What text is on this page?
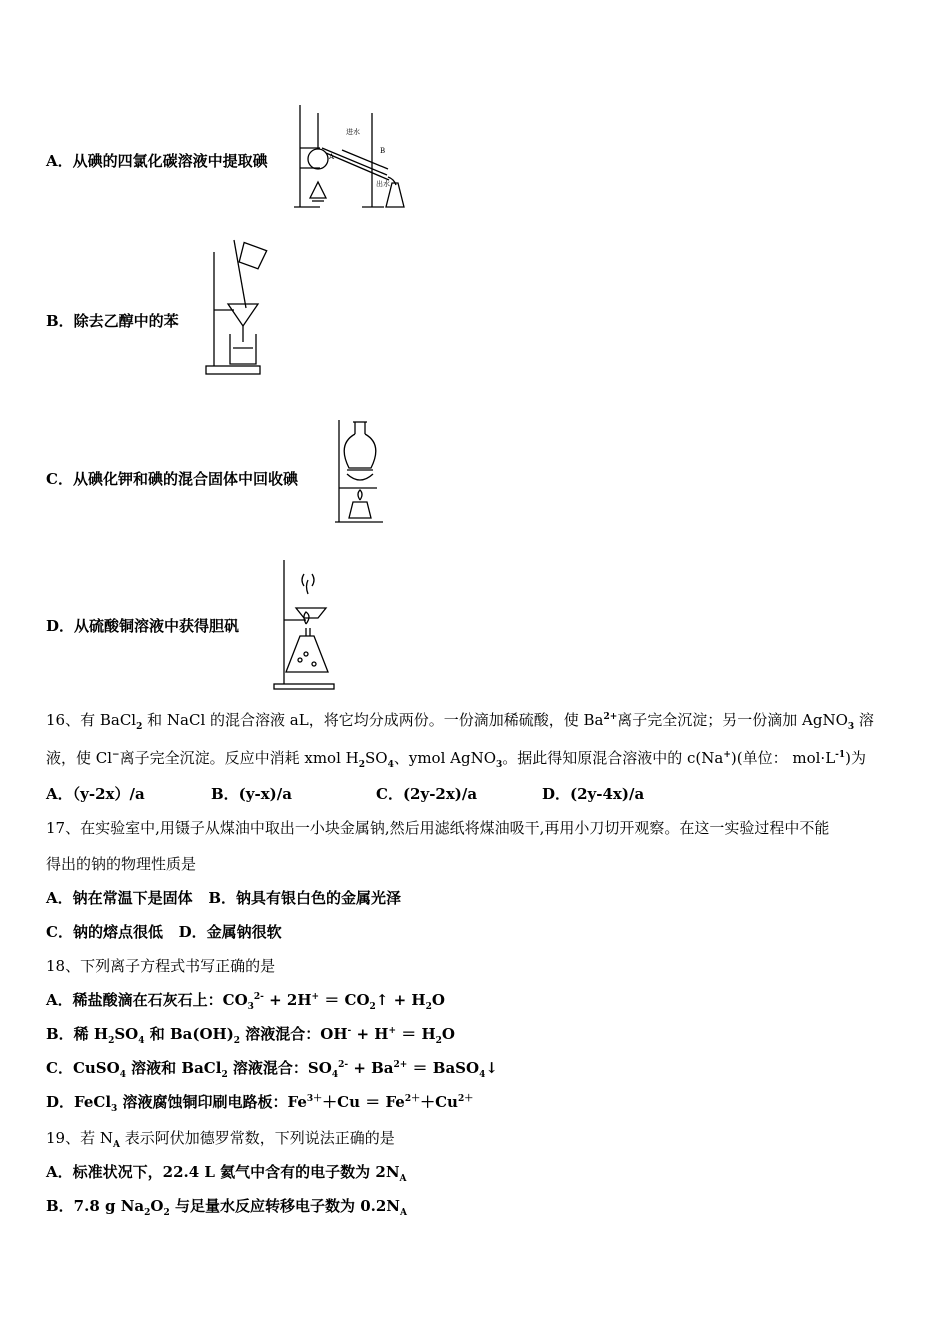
A．从碘的四氯化碳溶液中提取碘
进水
出水
A
B
B．除去乙醇中的苯
C．从碘化钾和碘的混合固体中回收碘
D．从硫酸铜溶液中获得胆矾
16、有 BaCl$_2$ 和 NaCl 的混合溶液 aL，将它均分成两份。一份滴加稀硫酸，使 $Ba^{2+}$离子完全沉淀；另一份滴加 AgNO$_3$ 溶
液，使 Cl−离子完全沉淀。反应中消耗 xmol $H_2SO_4$、ymol AgNO$_3$。据此得知原混合溶液中的 c(Na+)(单位： $mol\cdot L^{-1}$)为
A．（y-2x）/a	B．(y-x)/a	C．(2y-2x)/a	D．(2y-4x)/a
17、在实验室中,用镊子从煤油中取出一小块金属钠,然后用滤纸将煤油吸干,再用小刀切开观察。在这一实验过程中不能
得出的钠的物理性质是
A．钠在常温下是固体 B．钠具有银白色的金属光泽
C．钠的熔点很低 D．金属钠很软
18、下列离子方程式书写正确的是
A．稀盐酸滴在石灰石上：$CO_3^{2-} + 2H^+$ ＝ $CO_2↑ + H_2O$
B．稀 $H_2SO_4$ 和 $Ba(OH)_2$ 溶液混合：$OH^- + H^+ = H_2O$
C．CuSO$_4$ 溶液和 BaCl$_2$ 溶液混合：$SO_4^{2-} + Ba^{2+}$ ＝ BaSO$_4$↓
D．FeCl$_3$ 溶液腐蚀铜印刷电路板：$Fe^{3+}+Cu = Fe^{2+}+Cu^{2+}$
19、若 $N_A$ 表示阿伏加德罗常数，下列说法正确的是
A．标准状况下，22.4 L 氦气中含有的电子数为 $2N_A$
B．7.8 g $Na_2O_2$ 与足量水反应转移电子数为 $0.2N_A$
